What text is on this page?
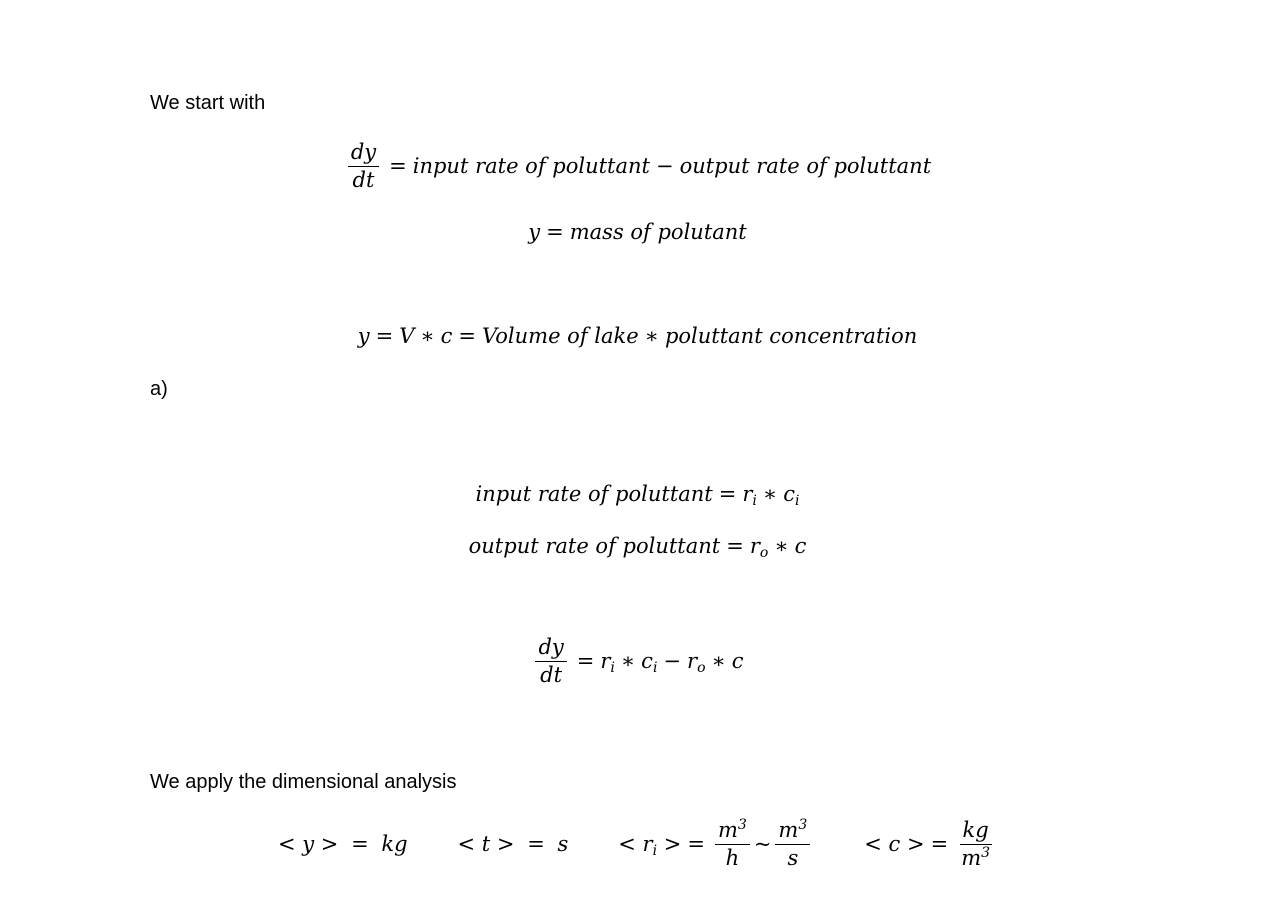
We start with
$\frac{dy}{dt}$ = input rate of poluttant − output rate of poluttant
y = mass of polutant
y = V ∗ c = Volume of lake ∗ poluttant concentration
a)
input rate of poluttant = r i ∗ c i
output rate of poluttant = r o ∗ c
$\frac{dy}{dt} = r$ i ∗ c i − r o ∗ c
We apply the dimensional analysis
< y > = kg < t > = s < r i > = $\frac{m^3}{h}$ ~ $\frac{m^3}{s}$	< c > = $\frac{kg}{m^3}$
